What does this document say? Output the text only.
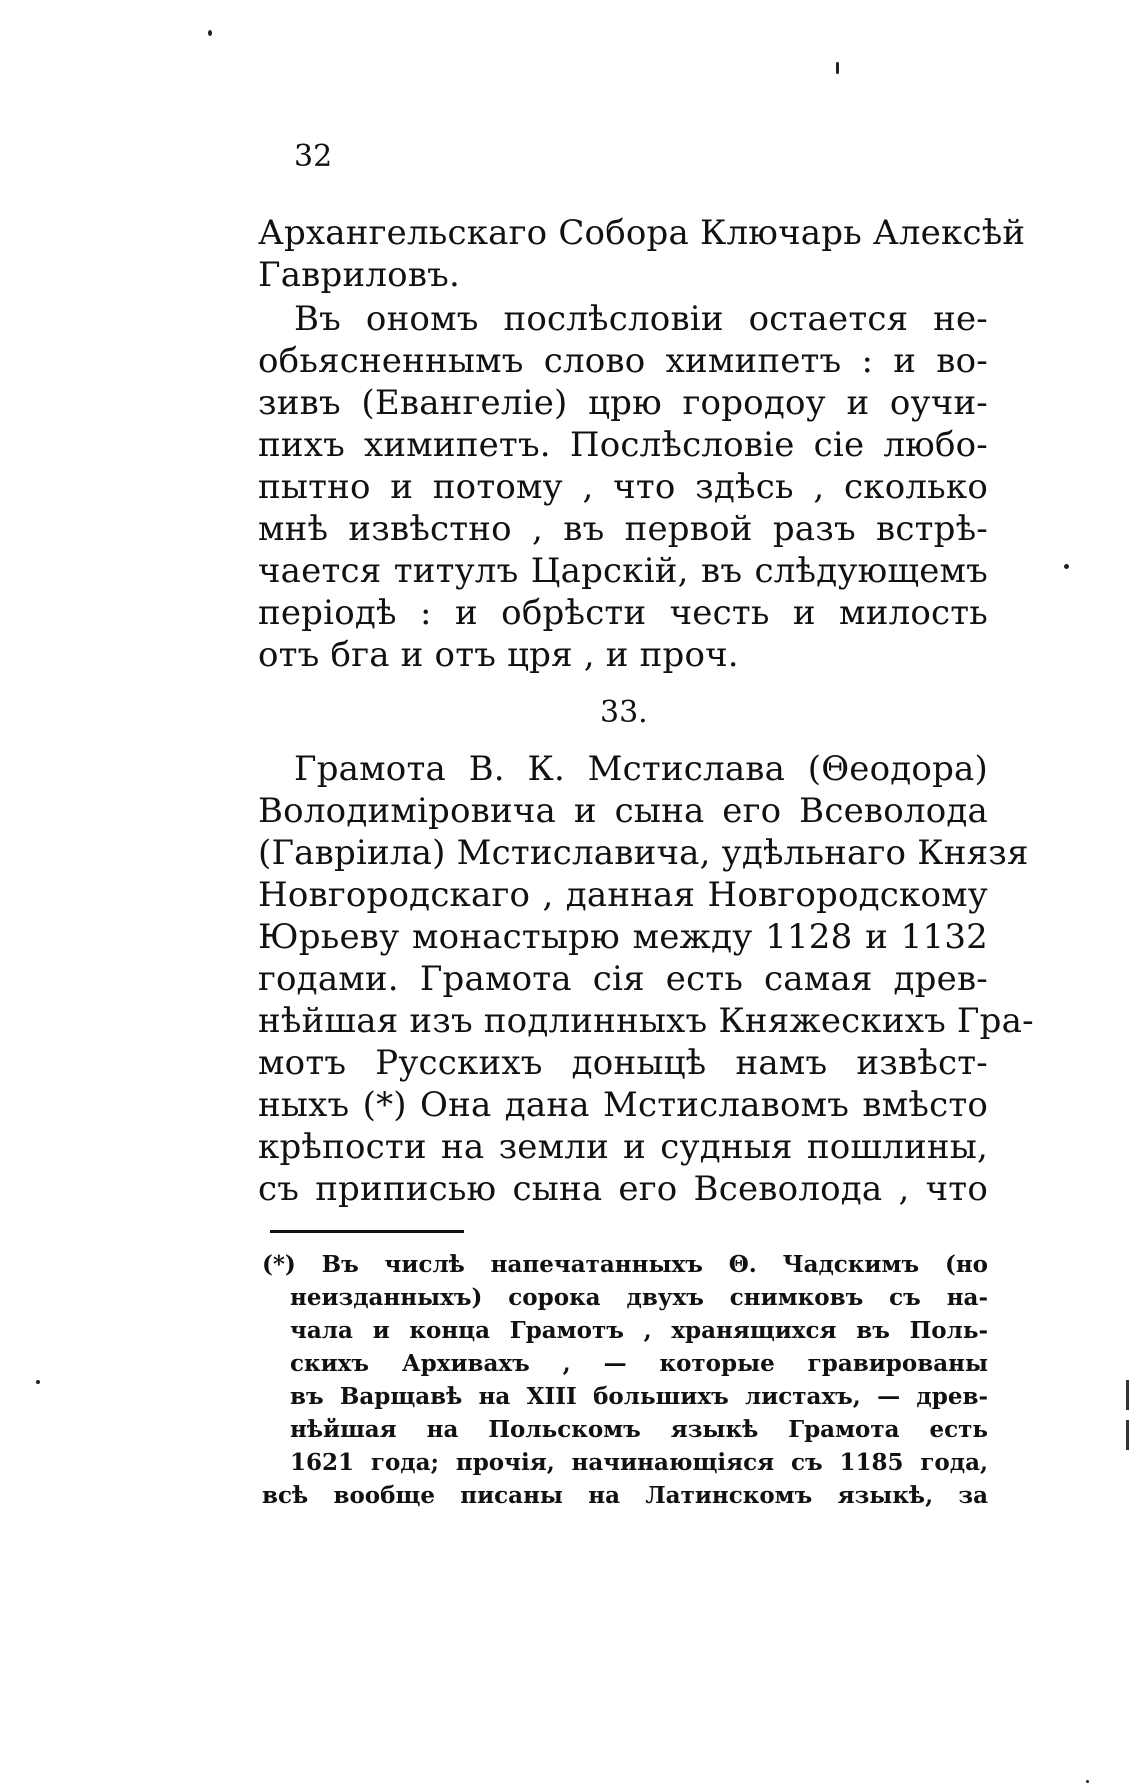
32
Архангельскаго Собора Ключарь Алексѣй
Гавриловъ.
Въ ономъ послѣсловіи остается не-
обьясненнымъ слово химипетъ : и во-
зивъ (Евангеліе) црю городоу и оучи-
пихъ химипетъ. Послѣсловіе сіе любо-
пытно и потому , что здѣсь , сколько
мнѣ извѣстно , въ первой разъ встрѣ-
чается титулъ Царскій, въ слѣдующемъ
періодѣ : и обрѣсти честь и милость
отъ бга и отъ цря , и проч.
33.
Грамота В. К. Мстислава (Θеодора)
Володиміровича и сына его Всеволода
(Гавріила) Мстиславича, удѣльнаго Князя
Новгородскаго , данная Новгородскому
Юрьеву монастырю между 1128 и 1132
годами. Грамота сія есть самая древ-
нѣйшая изъ подлинныхъ Княжескихъ Гра-
мотъ Русскихъ доныцѣ намъ извѣст-
ныхъ (*) Она дана Мстиславомъ вмѣсто
крѣпости на земли и судныя пошлины,
съ приписью сына его Всеволода , что
(*) Въ числѣ напечатанныхъ Θ. Чадскимъ (но
неизданныхъ) сорока двухъ снимковъ съ на-
чала и конца Грамотъ , хранящихся въ Поль-
скихъ Архивахъ , — которые гравированы
въ Варщавѣ на XIII большихъ листахъ, — древ-
нѣйшая на Польскомъ языкѣ Грамота есть
1621 года; прочія, начинающіяся съ 1185 года,
всѣ вообще писаны на Латинскомъ языкѣ, за
